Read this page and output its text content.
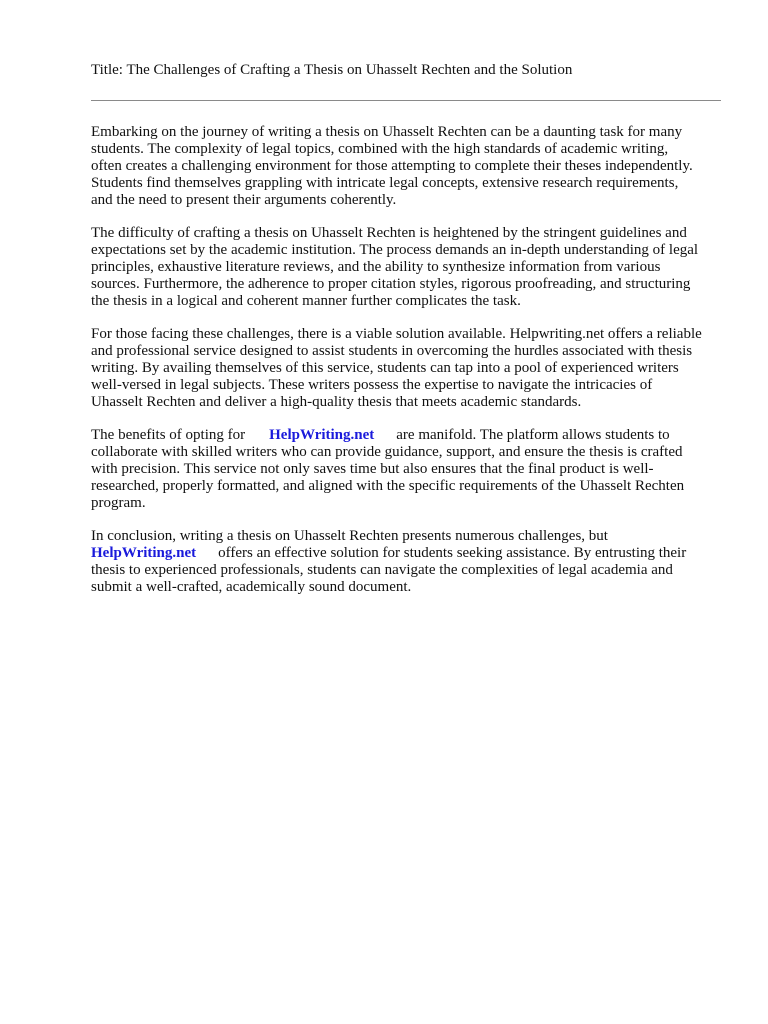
Title: The Challenges of Crafting a Thesis on Uhasselt Rechten and the Solution

Embarking on the journey of writing a thesis on Uhasselt Rechten can be a daunting task for many
students. The complexity of legal topics, combined with the high standards of academic writing,
often creates a challenging environment for those attempting to complete their theses independently.
Students find themselves grappling with intricate legal concepts, extensive research requirements,
and the need to present their arguments coherently.

The difficulty of crafting a thesis on Uhasselt Rechten is heightened by the stringent guidelines and
expectations set by the academic institution. The process demands an in-depth understanding of legal
principles, exhaustive literature reviews, and the ability to synthesize information from various
sources. Furthermore, the adherence to proper citation styles, rigorous proofreading, and structuring
the thesis in a logical and coherent manner further complicates the task.

For those facing these challenges, there is a viable solution available. Helpwriting.net offers a reliable
and professional service designed to assist students in overcoming the hurdles associated with thesis
writing. By availing themselves of this service, students can tap into a pool of experienced writers
well-versed in legal subjects. These writers possess the expertise to navigate the intricacies of
Uhasselt Rechten and deliver a high-quality thesis that meets academic standards.

The benefits of opting for HelpWriting.net are manifold. The platform allows students to
collaborate with skilled writers who can provide guidance, support, and ensure the thesis is crafted
with precision. This service not only saves time but also ensures that the final product is well-
researched, properly formatted, and aligned with the specific requirements of the Uhasselt Rechten
program.

In conclusion, writing a thesis on Uhasselt Rechten presents numerous challenges, but
HelpWriting.net offers an effective solution for students seeking assistance. By entrusting their
thesis to experienced professionals, students can navigate the complexities of legal academia and
submit a well-crafted, academically sound document.
